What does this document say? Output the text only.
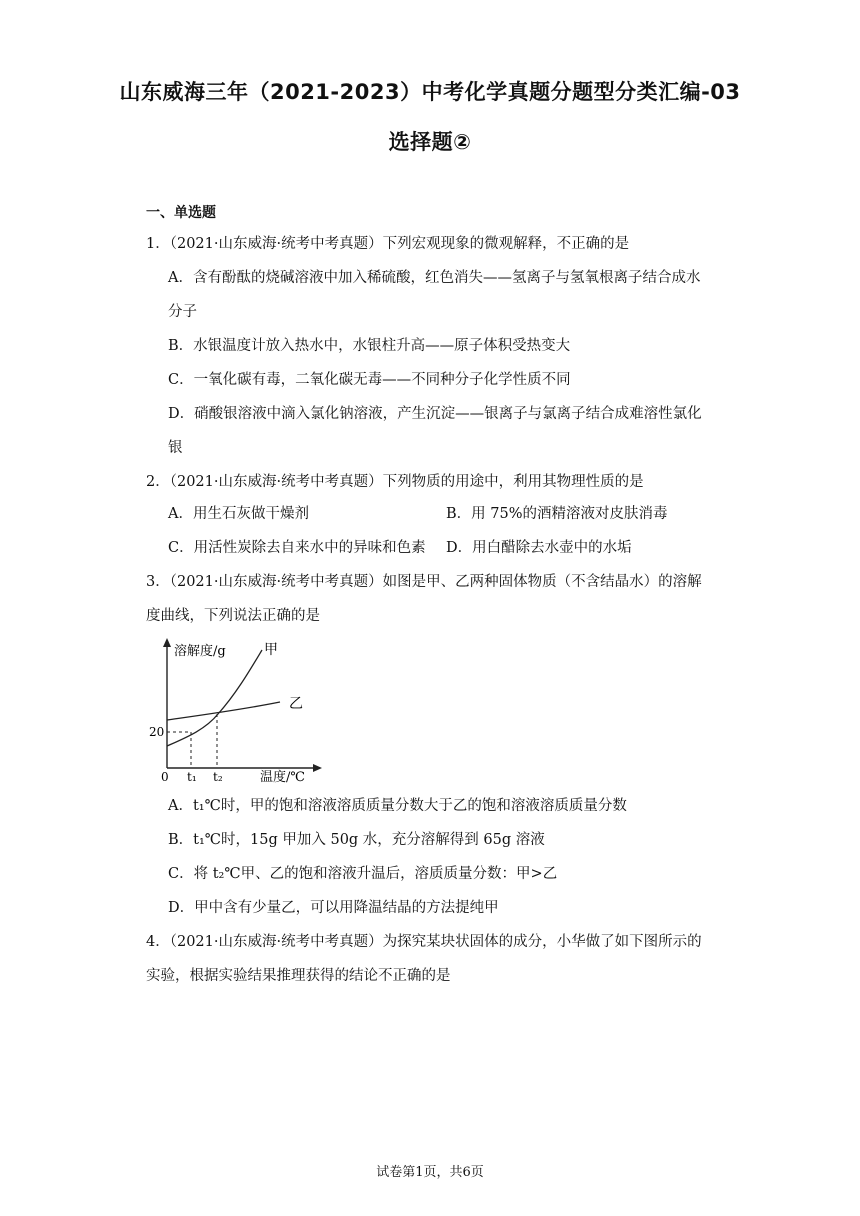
山东威海三年（2021-2023）中考化学真题分题型分类汇编-03
选择题②
一、单选题
1．（2021·山东威海·统考中考真题）下列宏观现象的微观解释，不正确的是
A．含有酚酞的烧碱溶液中加入稀硫酸，红色消失——氢离子与氢氧根离子结合成水
分子
B．水银温度计放入热水中，水银柱升高——原子体积受热变大
C．一氧化碳有毒，二氧化碳无毒——不同种分子化学性质不同
D．硝酸银溶液中滴入氯化钠溶液，产生沉淀——银离子与氯离子结合成难溶性氯化
银
2．（2021·山东威海·统考中考真题）下列物质的用途中，利用其物理性质的是
A．用生石灰做干燥剂	B．用 75%的酒精溶液对皮肤消毒
C．用活性炭除去自来水中的异味和色素 D．用白醋除去水壶中的水垢
3．（2021·山东威海·统考中考真题）如图是甲、乙两种固体物质（不含结晶水）的溶解
度曲线，下列说法正确的是
溶解度/g
温度/℃
0
20
t₁ t₂
甲
乙
A．t₁℃时，甲的饱和溶液溶质质量分数大于乙的饱和溶液溶质质量分数
B．t₁℃时，15g 甲加入 50g 水，充分溶解得到 65g 溶液
C．将 t₂℃甲、乙的饱和溶液升温后，溶质质量分数：甲>乙
D．甲中含有少量乙，可以用降温结晶的方法提纯甲
4．（2021·山东威海·统考中考真题）为探究某块状固体的成分，小华做了如下图所示的
实验，根据实验结果推理获得的结论不正确的是
试卷第1页，共6页
